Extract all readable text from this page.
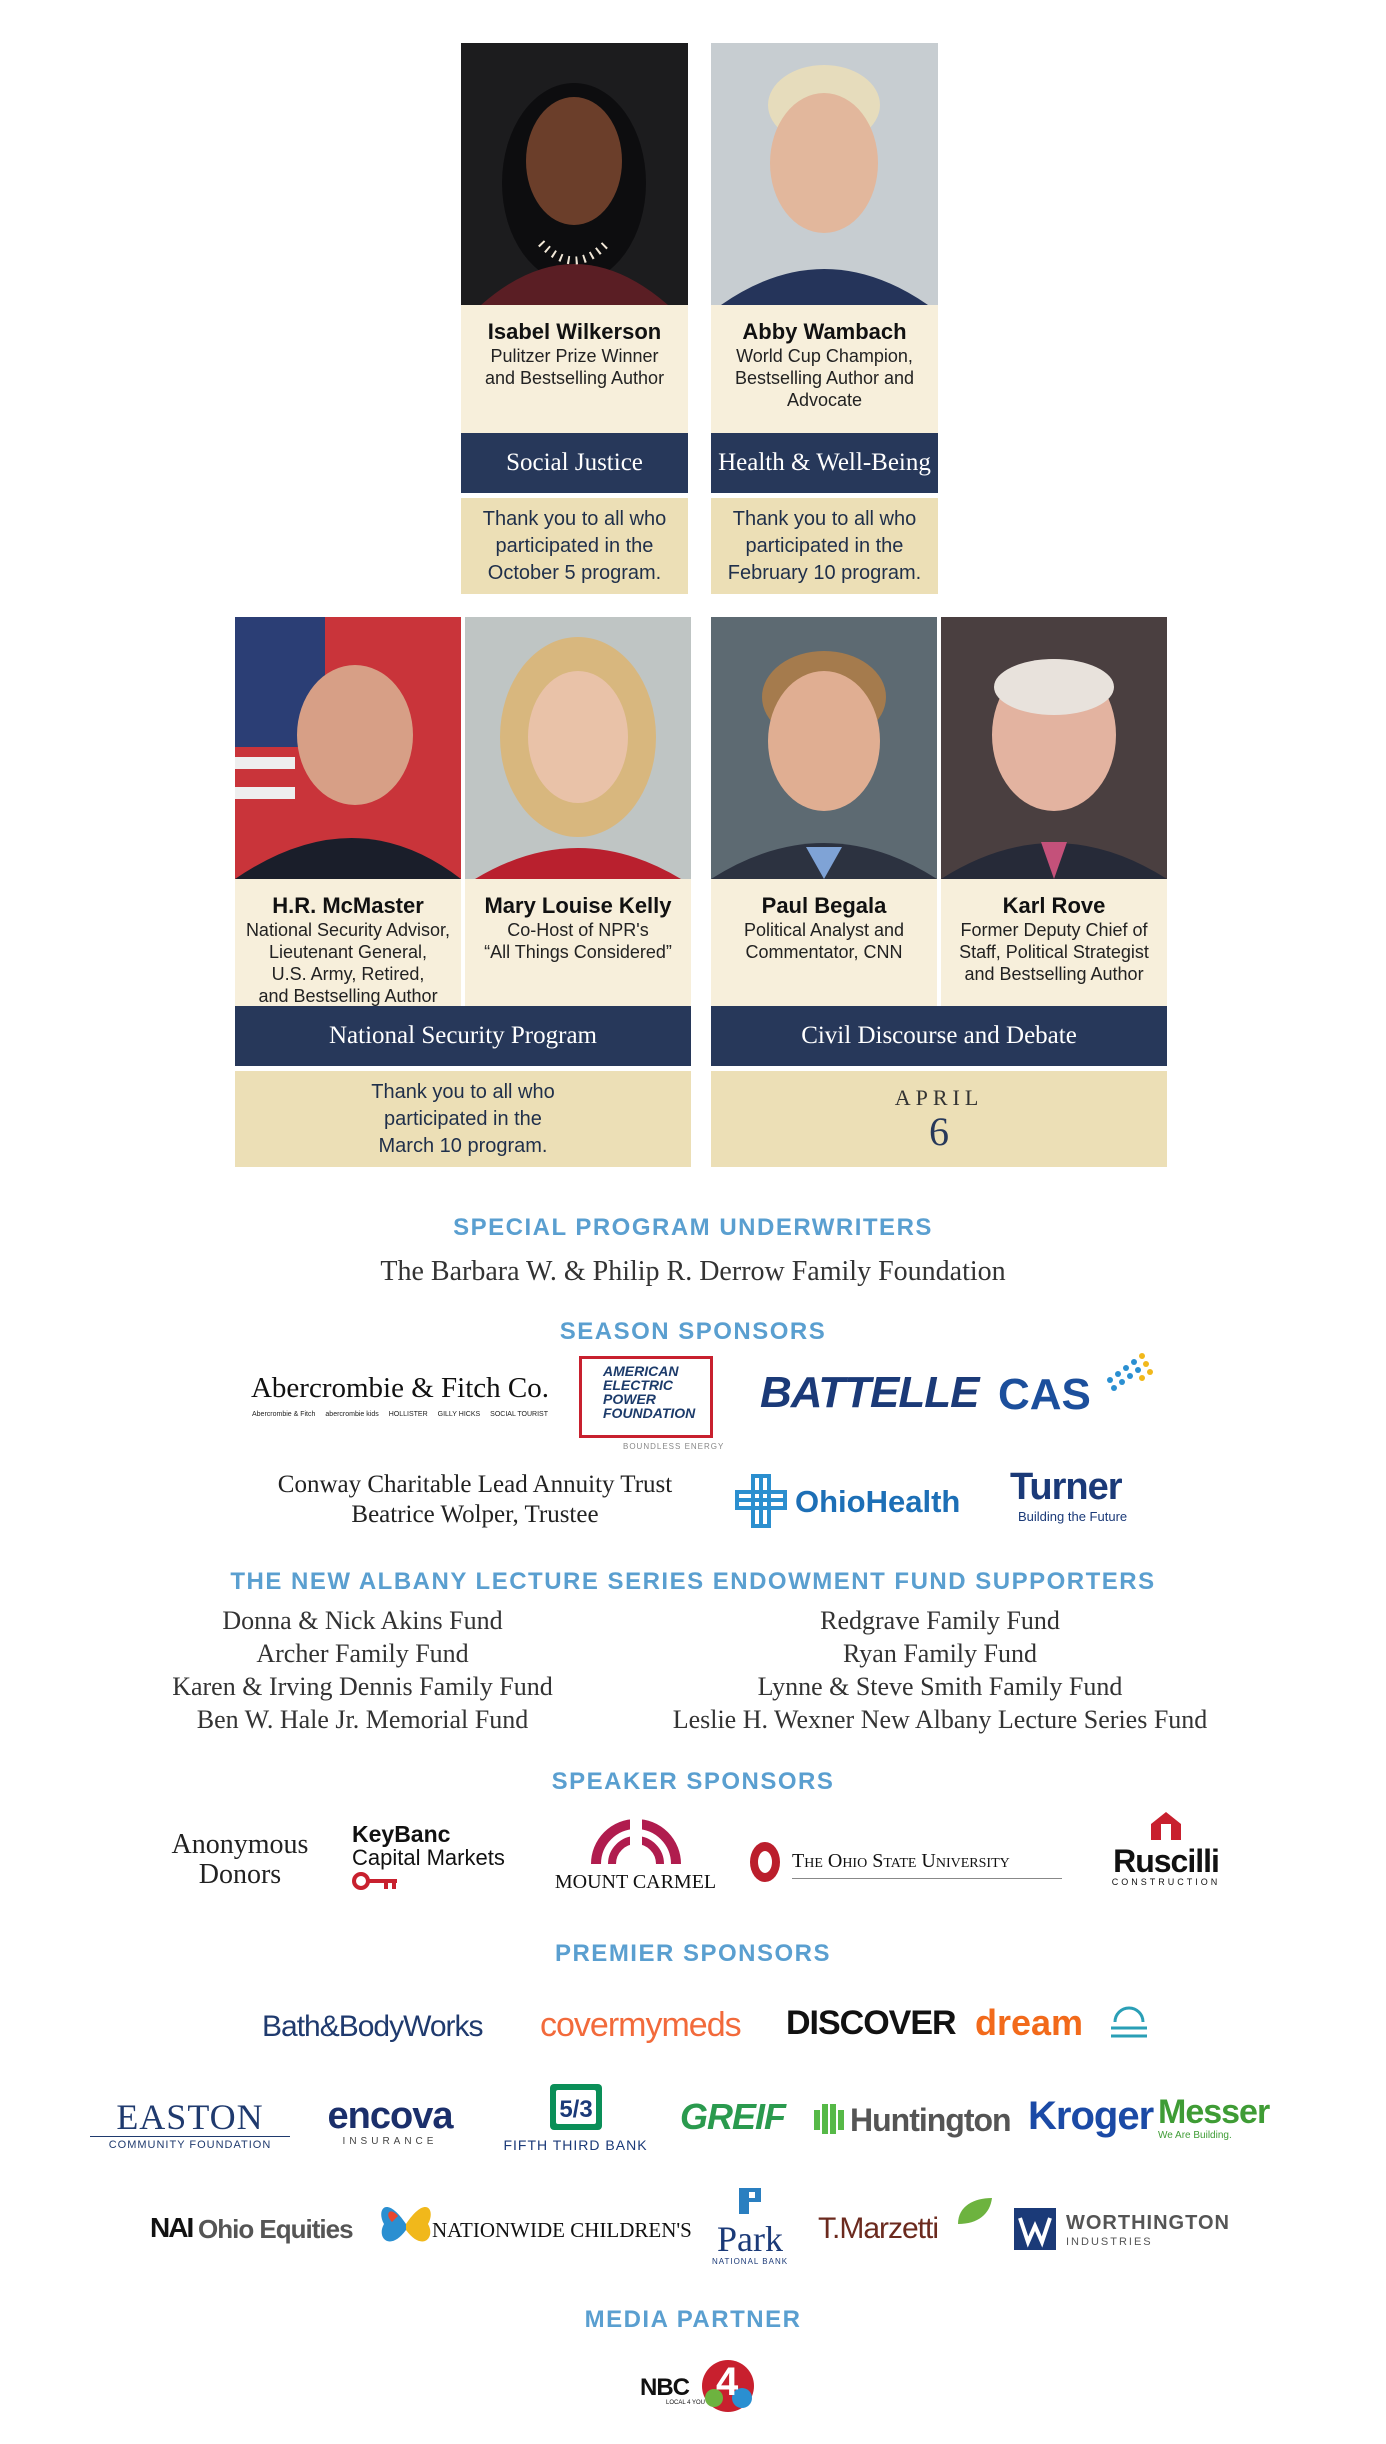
Isabel Wilkerson
Pulitzer Prize Winner
and Bestselling Author
Social Justice
Thank you to all who
participated in the
October 5 program.
Abby Wambach
World Cup Champion,
Bestselling Author and
Advocate
Health & Well-Being
Thank you to all who
participated in the
February 10 program.
H.R. McMaster
National Security Advisor,
Lieutenant General,
U.S. Army, Retired,
and Bestselling Author
Mary Louise Kelly
Co-Host of NPR's
“All Things Considered”
National Security Program
Thank you to all who
participated in the
March 10 program.
Paul Begala
Political Analyst and
Commentator, CNN
Karl Rove
Former Deputy Chief of
Staff, Political Strategist
and Bestselling Author
Civil Discourse and Debate
APRIL
6
SPECIAL PROGRAM UNDERWRITERS
The Barbara W. & Philip R. Derrow Family Foundation
SEASON SPONSORS
Abercrombie & Fitch Co.
Abercrombie & Fitch abercrombie kids HOLLISTER GILLY HICKS SOCIAL TOURIST
AMERICAN
ELECTRIC
POWER
FOUNDATION
BOUNDLESS ENERGY
BATTELLE CAS
Conway Charitable Lead Annuity Trust
Beatrice Wolper, Trustee	OhioHealth Turner
Building the Future
THE NEW ALBANY LECTURE SERIES ENDOWMENT FUND SUPPORTERS
Donna & Nick Akins Fund
Archer Family Fund
Karen & Irving Dennis Family Fund
Ben W. Hale Jr. Memorial Fund
Redgrave Family Fund
Ryan Family Fund
Lynne & Steve Smith Family Fund
Leslie H. Wexner New Albany Lecture Series Fund
SPEAKER SPONSORS
Anonymous
Donors
KeyBanc
Capital Markets
MOUNT CARMEL
The Ohio State University	Ruscilli
CONSTRUCTION
PREMIER SPONSORS
Bath&BodyWorks covermymeds DISCOVER dream
EASTON
COMMUNITY FOUNDATION
encova
INSURANCE
5/3
FIFTH THIRD BANK
GREIF Huntington Kroger Messer
We Are Building.
NAI Ohio Equities	NATIONWIDE CHILDREN'S Park
NATIONAL BANK
T.Marzetti	WORTHINGTON
INDUSTRIES
MEDIA PARTNER
NBC 4
LOCAL 4 YOU
